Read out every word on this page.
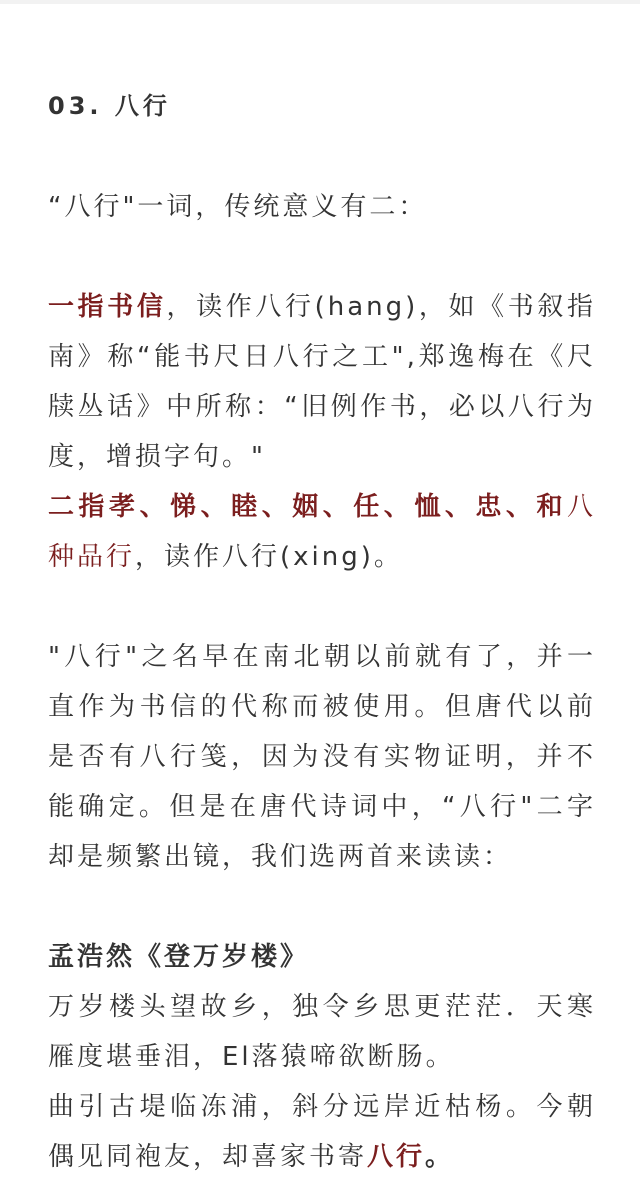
03. 八行

“八行"一词，传统意义有二：

一指书信，读作八行(hang)，如《书叙指南》称“能书尺日八行之工",郑逸梅在《尺牍丛话》中所称：“旧例作书，必以八行为度，增损字句。"

二指孝、悌、睦、姻、任、恤、忠、和八种品行，读作八行(xing)。

"八行"之名早在南北朝以前就有了，并一直作为书信的代称而被使用。但唐代以前是否有八行笺，因为没有实物证明，并不能确定。但是在唐代诗词中，“八行"二字却是频繁出镜，我们选两首来读读：

孟浩然《登万岁楼》

万岁楼头望故乡，独令乡思更茫茫．天寒雁度堪垂泪，El落猿啼欲断肠。

曲引古堤临冻浦，斜分远岸近枯杨。今朝偶见同袍友，却喜家书寄八行。
